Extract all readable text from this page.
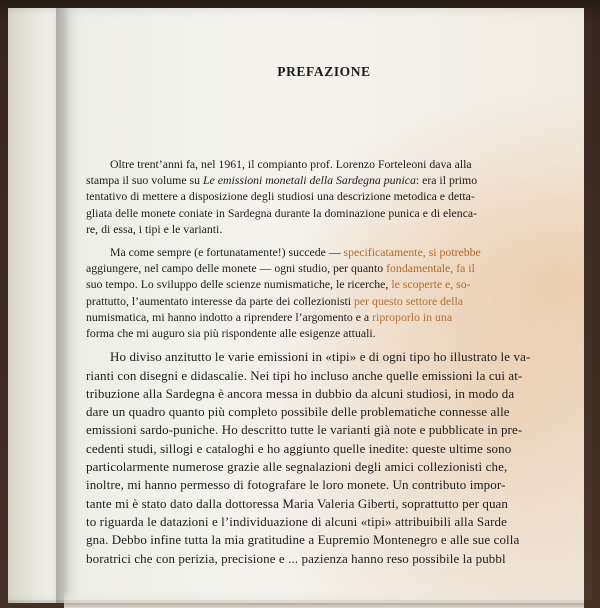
PREFAZIONE
Oltre trent’anni fa, nel 1961, il compianto prof. Lorenzo Forteleoni dava alla
stampa il suo volume su Le emissioni monetali della Sardegna punica: era il primo
tentativo di mettere a disposizione degli studiosi una descrizione metodica e detta-
gliata delle monete coniate in Sardegna durante la dominazione punica e di elenca-
re, di essa, i tipi e le varianti.
Ma come sempre (e fortunatamente!) succede — specificatamente, si potrebbe
aggiungere, nel campo delle monete — ogni studio, per quanto fondamentale, fa il
suo tempo. Lo sviluppo delle scienze numismatiche, le ricerche, le scoperte e, so-
prattutto, l’aumentato interesse da parte dei collezionisti per questo settore della
numismatica, mi hanno indotto a riprendere l’argomento e a riproporlo in una
forma che mi auguro sia più rispondente alle esigenze attuali.
Ho diviso anzitutto le varie emissioni in «tipi» e di ogni tipo ho illustrato le va-
rianti con disegni e didascalie. Nei tipi ho incluso anche quelle emissioni la cui at-
tribuzione alla Sardegna è ancora messa in dubbio da alcuni studiosi, in modo da
dare un quadro quanto più completo possibile delle problematiche connesse alle
emissioni sardo-puniche. Ho descritto tutte le varianti già note e pubblicate in pre-
cedenti studi, sillogi e cataloghi e ho aggiunto quelle inedite: queste ultime sono
particolarmente numerose grazie alle segnalazioni degli amici collezionisti che,
inoltre, mi hanno permesso di fotografare le loro monete. Un contributo impor-
tante mi è stato dato dalla dottoressa Maria Valeria Giberti, soprattutto per quan
to riguarda le datazioni e l’individuazione di alcuni «tipi» attribuibili alla Sarde
gna. Debbo infine tutta la mia gratitudine a Eupremio Montenegro e alle sue colla
boratrici che con perizia, precisione e ... pazienza hanno reso possibile la pubbl
